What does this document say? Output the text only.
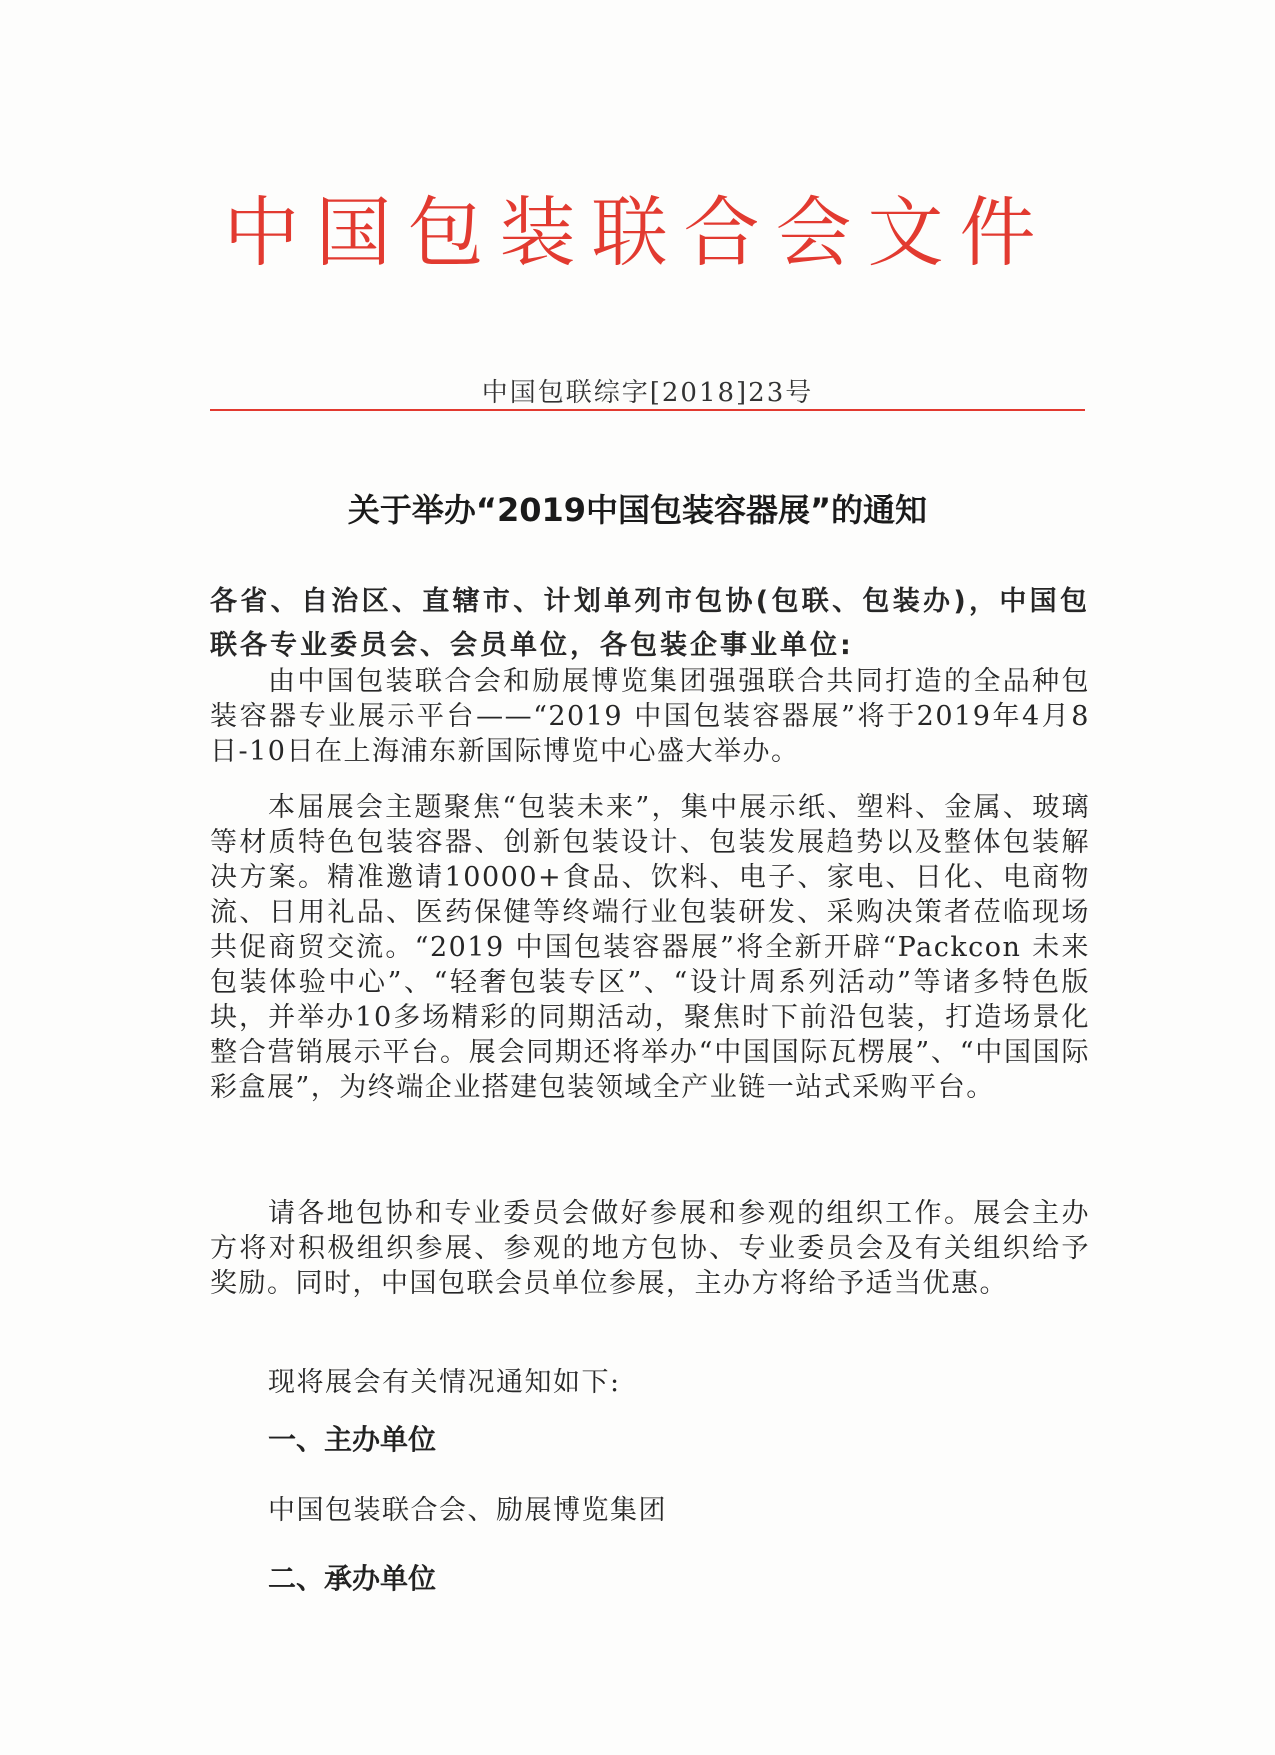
中国包装联合会文件
中国包联综字[2018]23号
关于举办“2019中国包装容器展”的通知
各省、自治区、直辖市、计划单列市包协(包联、包装办)，中国包联各专业委员会、会员单位，各包装企事业单位:
由中国包装联合会和励展博览集团强强联合共同打造的全品种包装容器专业展示平台——“2019 中国包装容器展”将于2019年4月8日-10日在上海浦东新国际博览中心盛大举办。
本届展会主题聚焦“包装未来”，集中展示纸、塑料、金属、玻璃等材质特色包装容器、创新包装设计、包装发展趋势以及整体包装解决方案。精准邀请10000+食品、饮料、电子、家电、日化、电商物流、日用礼品、医药保健等终端行业包装研发、采购决策者莅临现场共促商贸交流。“2019 中国包装容器展”将全新开辟“Packcon 未来包装体验中心”、“轻奢包装专区”、“设计周系列活动”等诸多特色版块，并举办10多场精彩的同期活动，聚焦时下前沿包装，打造场景化整合营销展示平台。展会同期还将举办“中国国际瓦楞展”、“中国国际彩盒展”，为终端企业搭建包装领域全产业链一站式采购平台。
请各地包协和专业委员会做好参展和参观的组织工作。展会主办方将对积极组织参展、参观的地方包协、专业委员会及有关组织给予奖励。同时，中国包联会员单位参展，主办方将给予适当优惠。
现将展会有关情况通知如下:
一、主办单位
中国包装联合会、励展博览集团
二、承办单位
